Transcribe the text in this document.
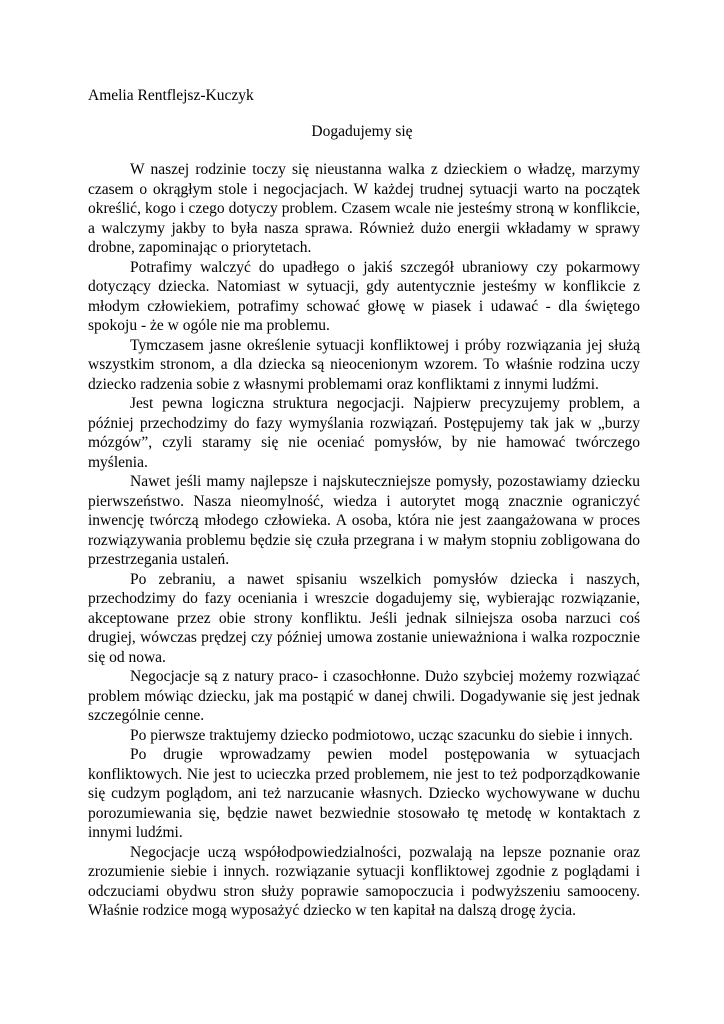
Amelia Rentflejsz-Kuczyk
Dogadujemy się

W naszej rodzinie toczy się nieustanna walka z dzieckiem o władzę, marzymy czasem o okrągłym stole i negocjacjach. W każdej trudnej sytuacji warto na początek określić, kogo i czego dotyczy problem. Czasem wcale nie jesteśmy stroną w konflikcie, a walczymy jakby to była nasza sprawa. Również dużo energii wkładamy w sprawy drobne, zapominając o priorytetach.

Potrafimy walczyć do upadłego o jakiś szczegół ubraniowy czy pokarmowy dotyczący dziecka. Natomiast w sytuacji, gdy autentycznie jesteśmy w konflikcie z młodym człowiekiem, potrafimy schować głowę w piasek i udawać - dla świętego spokoju - że w ogóle nie ma problemu.

Tymczasem jasne określenie sytuacji konfliktowej i próby rozwiązania jej służą wszystkim stronom, a dla dziecka są nieocenionym wzorem. To właśnie rodzina uczy dziecko radzenia sobie z własnymi problemami oraz konfliktami z innymi ludźmi.

Jest pewna logiczna struktura negocjacji. Najpierw precyzujemy problem, a później przechodzimy do fazy wymyślania rozwiązań. Postępujemy tak jak w „burzy mózgów”, czyli staramy się nie oceniać pomysłów, by nie hamować twórczego myślenia.

Nawet jeśli mamy najlepsze i najskuteczniejsze pomysły, pozostawiamy dziecku pierwszeństwo. Nasza nieomylność, wiedza i autorytet mogą znacznie ograniczyć inwencję twórczą młodego człowieka. A osoba, która nie jest zaangażowana w proces rozwiązywania problemu będzie się czuła przegrana i w małym stopniu zobligowana do przestrzegania ustaleń.

Po zebraniu, a nawet spisaniu wszelkich pomysłów dziecka i naszych, przechodzimy do fazy oceniania i wreszcie dogadujemy się, wybierając rozwiązanie, akceptowane przez obie strony konfliktu. Jeśli jednak silniejsza osoba narzuci coś drugiej, wówczas prędzej czy później umowa zostanie unieważniona i walka rozpocznie się od nowa.

Negocjacje są z natury praco- i czasochłonne. Dużo szybciej możemy rozwiązać problem mówiąc dziecku, jak ma postąpić w danej chwili. Dogadywanie się jest jednak szczególnie cenne.

Po pierwsze traktujemy dziecko podmiotowo, ucząc szacunku do siebie i innych.

Po drugie wprowadzamy pewien model postępowania w sytuacjach konfliktowych. Nie jest to ucieczka przed problemem, nie jest to też podporządkowanie się cudzym poglądom, ani też narzucanie własnych. Dziecko wychowywane w duchu porozumiewania się, będzie nawet bezwiednie stosowało tę metodę w kontaktach z innymi ludźmi.

Negocjacje uczą współodpowiedzialności, pozwalają na lepsze poznanie oraz zrozumienie siebie i innych. rozwiązanie sytuacji konfliktowej zgodnie z poglądami i odczuciami obydwu stron służy poprawie samopoczucia i podwyższeniu samooceny. Właśnie rodzice mogą wyposażyć dziecko w ten kapitał na dalszą drogę życia.
